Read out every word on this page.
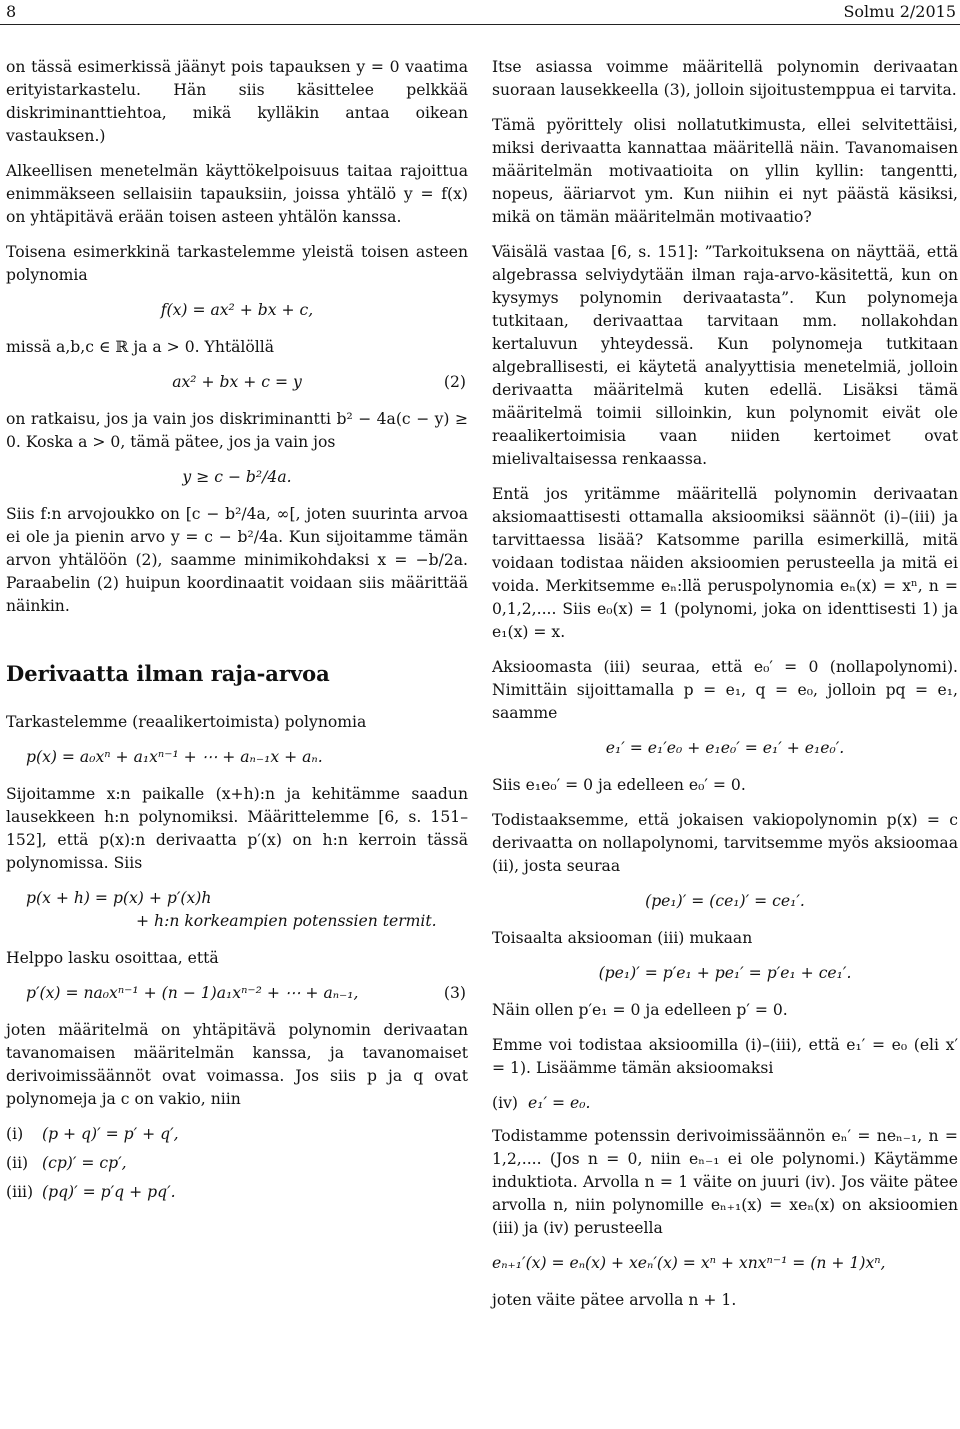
8	Solmu 2/2015

on tässä esimerkissä jäänyt pois tapauksen y = 0 vaatima erityistarkastelu. Hän siis käsittelee pelkkää diskriminanttiehtoa, mikä kylläkin antaa oikean vastauksen.)

Alkeellisen menetelmän käyttökelpoisuus taitaa rajoittua enimmäkseen sellaisiin tapauksiin, joissa yhtälö y = f(x) on yhtäpitävä erään toisen asteen yhtälön kanssa.

Toisena esimerkkinä tarkastelemme yleistä toisen asteen polynomia

f(x) = ax² + bx + c,

missä a,b,c ∈ ℝ ja a > 0. Yhtälöllä

ax² + bx + c = y	(2)

on ratkaisu, jos ja vain jos diskriminantti b² − 4a(c − y) ≥ 0. Koska a > 0, tämä pätee, jos ja vain jos

y ≥ c − b²/4a.

Siis f:n arvojoukko on [c − b²/4a, ∞[, joten suurinta arvoa ei ole ja pienin arvo y = c − b²/4a. Kun sijoitamme tämän arvon yhtälöön (2), saamme minimikohdaksi x = −b/2a. Paraabelin (2) huipun koordinaatit voidaan siis määrittää näinkin.

Derivaatta ilman raja-arvoa

Tarkastelemme (reaalikertoimista) polynomia

p(x) = a₀xⁿ + a₁xⁿ⁻¹ + ⋯ + aₙ₋₁x + aₙ.

Sijoitamme x:n paikalle (x+h):n ja kehitämme saadun lausekkeen h:n polynomiksi. Määrittelemme [6, s. 151–152], että p(x):n derivaatta p′(x) on h:n kerroin tässä polynomissa. Siis

p(x + h) = p(x) + p′(x)h
+ h:n korkeampien potenssien termit.

Helppo lasku osoittaa, että

p′(x) = na₀xⁿ⁻¹ + (n − 1)a₁xⁿ⁻² + ⋯ + aₙ₋₁,	(3)

joten määritelmä on yhtäpitävä polynomin derivaatan tavanomaisen määritelmän kanssa, ja tavanomaiset derivoimissäännöt ovat voimassa. Jos siis p ja q ovat polynomeja ja c on vakio, niin

(i) (p + q)′ = p′ + q′,
(ii) (cp)′ = cp′,
(iii) (pq)′ = p′q + pq′.

Itse asiassa voimme määritellä polynomin derivaatan suoraan lausekkeella (3), jolloin sijoitustemppua ei tarvita.

Tämä pyörittely olisi nollatutkimusta, ellei selvitettäisi, miksi derivaatta kannattaa määritellä näin. Tavanomaisen määritelmän motivaatioita on yllin kyllin: tangentti, nopeus, ääriarvot ym. Kun niihin ei nyt päästä käsiksi, mikä on tämän määritelmän motivaatio?

Väisälä vastaa [6, s. 151]: ”Tarkoituksena on näyttää, että algebrassa selviydytään ilman raja-arvo-käsitettä, kun on kysymys polynomin derivaatasta”. Kun polynomeja tutkitaan, derivaattaa tarvitaan mm. nollakohdan kertaluvun yhteydessä. Kun polynomeja tutkitaan algebrallisesti, ei käytetä analyyttisia menetelmiä, jolloin derivaatta määritelmä kuten edellä. Lisäksi tämä määritelmä toimii silloinkin, kun polynomit eivät ole reaalikertoimisia vaan niiden kertoimet ovat mielivaltaisessa renkaassa.

Entä jos yritämme määritellä polynomin derivaatan aksiomaattisesti ottamalla aksioomiksi säännöt (i)–(iii) ja tarvittaessa lisää? Katsomme parilla esimerkillä, mitä voidaan todistaa näiden aksioomien perusteella ja mitä ei voida. Merkitsemme eₙ:llä peruspolynomia eₙ(x) = xⁿ, n = 0,1,2,.... Siis e₀(x) = 1 (polynomi, joka on identtisesti 1) ja e₁(x) = x.

Aksioomasta (iii) seuraa, että e₀′ = 0 (nollapolynomi). Nimittäin sijoittamalla p = e₁, q = e₀, jolloin pq = e₁, saamme

e₁′ = e₁′e₀ + e₁e₀′ = e₁′ + e₁e₀′.

Siis e₁e₀′ = 0 ja edelleen e₀′ = 0.

Todistaaksemme, että jokaisen vakiopolynomin p(x) = c derivaatta on nollapolynomi, tarvitsemme myös aksioomaa (ii), josta seuraa

(pe₁)′ = (ce₁)′ = ce₁′.

Toisaalta aksiooman (iii) mukaan

(pe₁)′ = p′e₁ + pe₁′ = p′e₁ + ce₁′.

Näin ollen p′e₁ = 0 ja edelleen p′ = 0.

Emme voi todistaa aksioomilla (i)–(iii), että e₁′ = e₀ (eli x′ = 1). Lisäämme tämän aksioomaksi

(iv) e₁′ = e₀.

Todistamme potenssin derivoimissäännön eₙ′ = neₙ₋₁, n = 1,2,.... (Jos n = 0, niin eₙ₋₁ ei ole polynomi.) Käytämme induktiota. Arvolla n = 1 väite on juuri (iv). Jos väite pätee arvolla n, niin polynomille eₙ₊₁(x) = xeₙ(x) on aksioomien (iii) ja (iv) perusteella

eₙ₊₁′(x) = eₙ(x) + xeₙ′(x) = xⁿ + xnxⁿ⁻¹ = (n + 1)xⁿ,

joten väite pätee arvolla n + 1.
